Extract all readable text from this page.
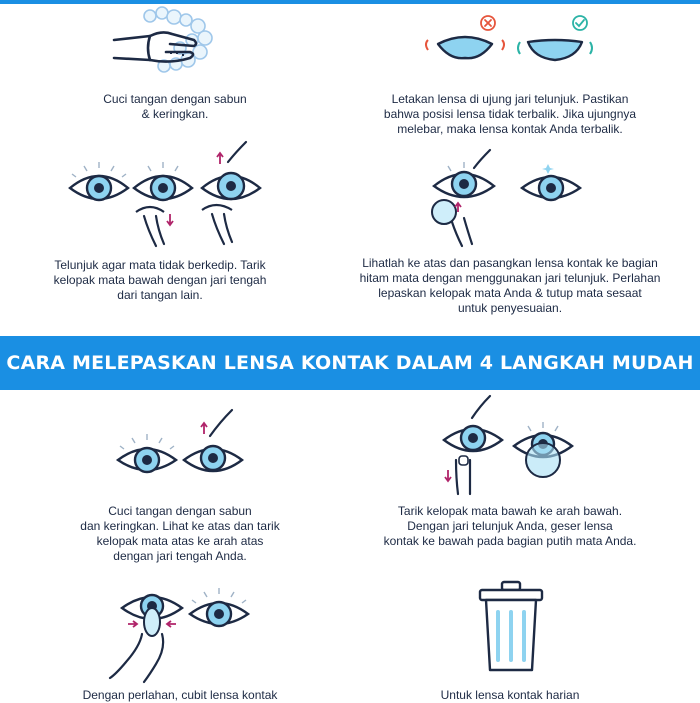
Cuci tangan dengan sabun
& keringkan.

Letakan lensa di ujung jari telunjuk. Pastikan
bahwa posisi lensa tidak terbalik. Jika ujungnya
melebar, maka lensa kontak Anda terbalik.

Telunjuk agar mata tidak berkedip. Tarik
kelopak mata bawah dengan jari tengah
dari tangan lain.

Lihatlah ke atas dan pasangkan lensa kontak ke bagian
hitam mata dengan menggunakan jari telunjuk. Perlahan
lepaskan kelopak mata Anda & tutup mata sesaat
untuk penyesuaian.

CARA MELEPASKAN LENSA KONTAK DALAM 4 LANGKAH MUDAH

Cuci tangan dengan sabun
dan keringkan. Lihat ke atas dan tarik
kelopak mata atas ke arah atas
dengan jari tengah Anda.

Tarik kelopak mata bawah ke arah bawah.
Dengan jari telunjuk Anda, geser lensa
kontak ke bawah pada bagian putih mata Anda.

Dengan perlahan, cubit lensa kontak	Untuk lensa kontak harian
